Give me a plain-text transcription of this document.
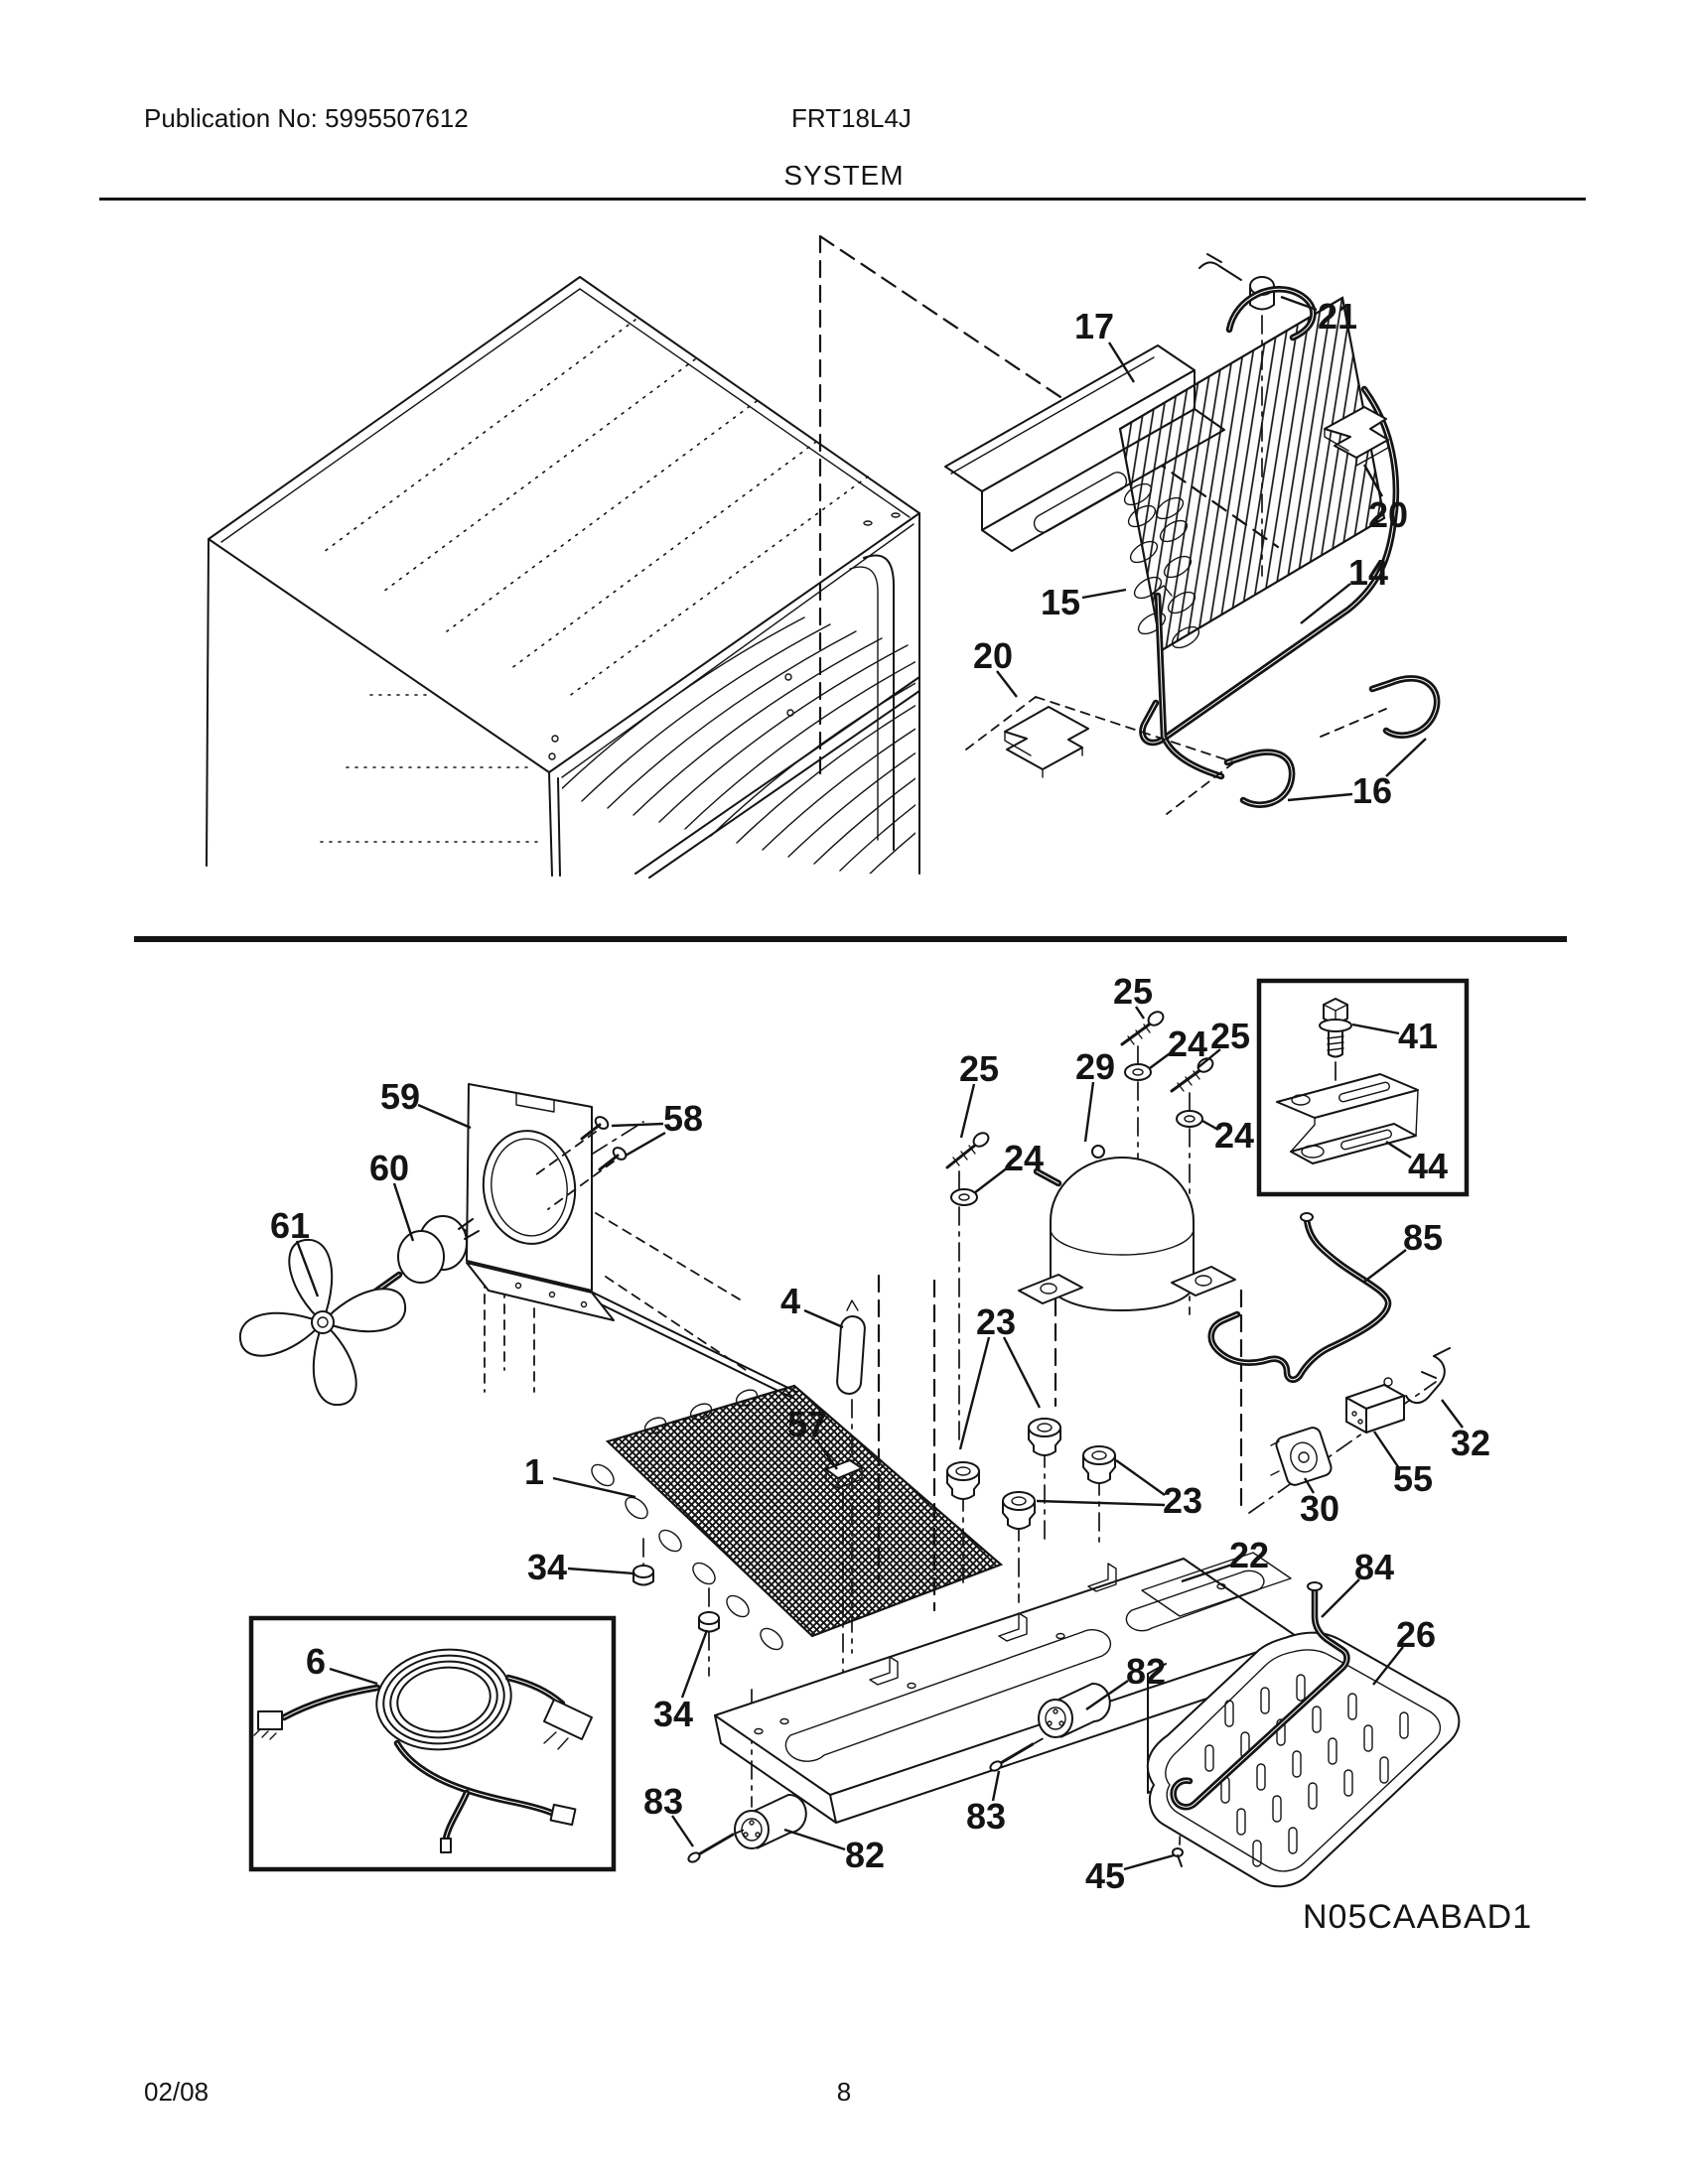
Publication No: 5995507612	FRT18L4J
SYSTEM
N05CAABAD1
02/08	8
17	21
20
15
14
20
16
59
58
60
61
4
57
1
34
34
6
83
82
83
82
22 84
26
45
23
23
25
25
25
24
24
24
29
41
44
85
32
55
30
